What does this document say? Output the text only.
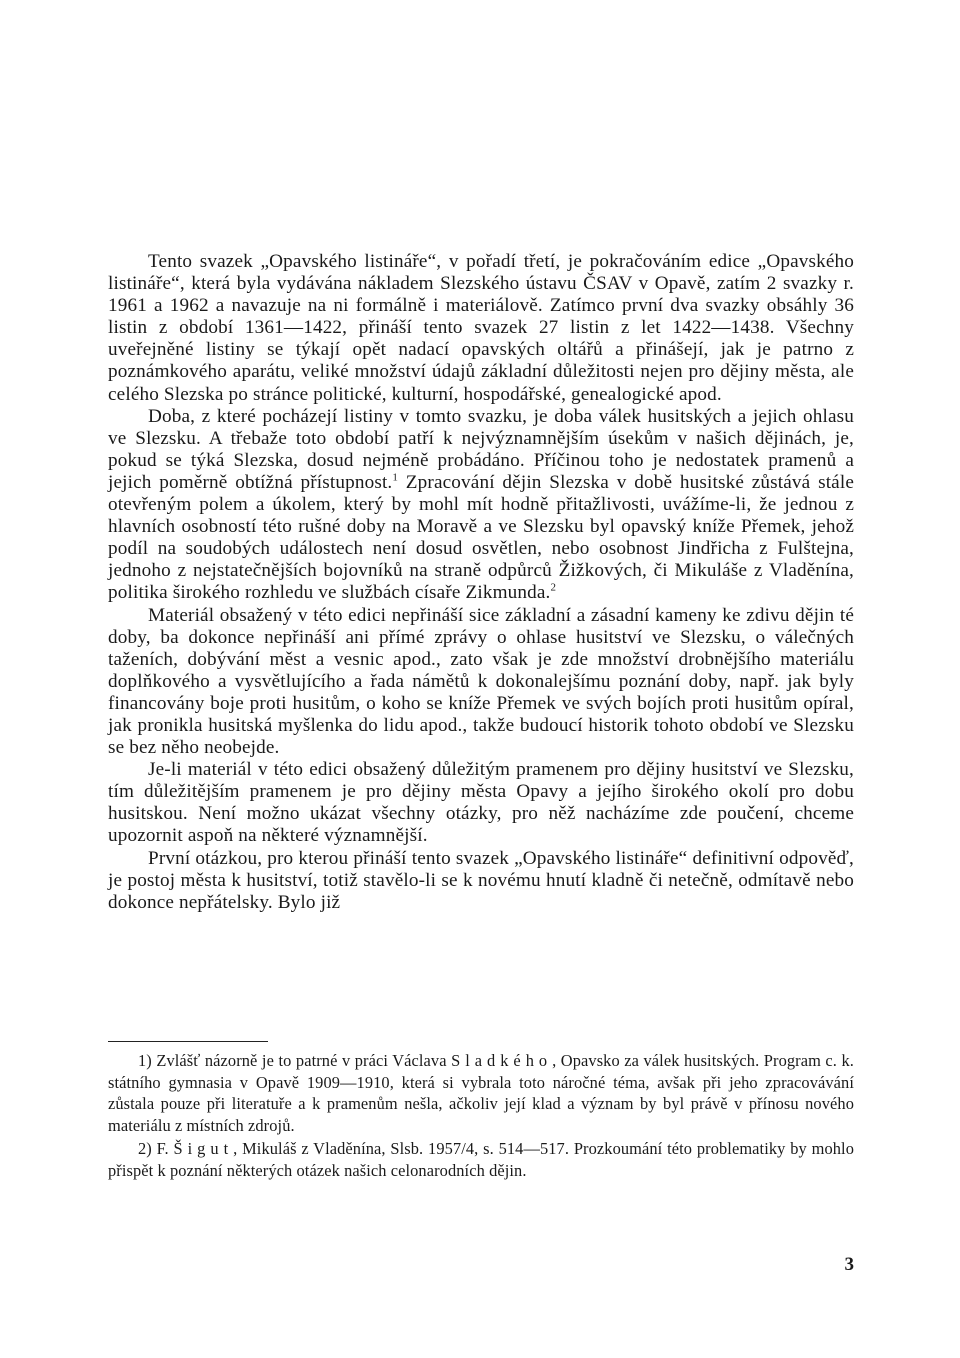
Tento svazek „Opavského listináře“, v pořadí třetí, je pokračováním edice „Opavského listináře“, která byla vydávána nákladem Slezského ústavu ČSAV v Opavě, zatím 2 svazky r. 1961 a 1962 a navazuje na ni formálně i materiálově. Zatímco první dva svazky obsáhly 36 listin z období 1361—1422, přináší tento svazek 27 listin z let 1422—1438. Všechny uveřejněné listiny se týkají opět nadací opavských oltářů a přinášejí, jak je patrno z poznámkového aparátu, veliké množství údajů základní důležitosti nejen pro dějiny města, ale celého Slezska po stránce politické, kulturní, hospodářské, genealogické apod.

Doba, z které pocházejí listiny v tomto svazku, je doba válek husitských a jejich ohlasu ve Slezsku. A třebaže toto období patří k nejvýznamnějším úsekům v našich dějinách, je, pokud se týká Slezska, dosud nejméně probádáno. Příčinou toho je nedostatek pramenů a jejich poměrně obtížná přístupnost.$^1$ Zpracování dějin Slezska v době husitské zůstává stále otevřeným polem a úkolem, který by mohl mít hodně přitažlivosti, uvážíme-li, že jednou z hlavních osobností této rušné doby na Moravě a ve Slezsku byl opavský kníže Přemek, jehož podíl na soudobých událostech není dosud osvětlen, nebo osobnost Jindřicha z Fulštejna, jednoho z nejstatečnějších bojovníků na straně odpůrců Žižkových, či Mikuláše z Vladěnína, politika širokého rozhledu ve službách císaře Zikmunda.$^2$

Materiál obsažený v této edici nepřináší sice základní a zásadní kameny ke zdivu dějin té doby, ba dokonce nepřináší ani přímé zprávy o ohlase husitství ve Slezsku, o válečných taženích, dobývání měst a vesnic apod., zato však je zde množství drobnějšího materiálu doplňkového a vysvětlujícího a řada námětů k dokonalejšímu poznání doby, např. jak byly financovány boje proti husitům, o koho se kníže Přemek ve svých bojích proti husitům opíral, jak pronikla husitská myšlenka do lidu apod., takže budoucí historik tohoto období ve Slezsku se bez něho neobejde.

Je-li materiál v této edici obsažený důležitým pramenem pro dějiny husitství ve Slezsku, tím důležitějším pramenem je pro dějiny města Opavy a jejího širokého okolí pro dobu husitskou. Není možno ukázat všechny otázky, pro něž nacházíme zde poučení, chceme upozornit aspoň na některé významnější.

První otázkou, pro kterou přináší tento svazek „Opavského listináře“ definitivní odpověď, je postoj města k husitství, totiž stavělo-li se k novému hnutí kladně či netečně, odmítavě nebo dokonce nepřátelsky. Bylo již

1) Zvlášť názorně je to patrné v práci Václava Sladkého, Opavsko za válek husitských. Program c. k. státního gymnasia v Opavě 1909—1910, která si vybrala toto náročné téma, avšak při jeho zpracovávání zůstala pouze při literatuře a k pramenům nešla, ačkoliv její klad a význam by byl právě v přínosu nového materiálu z místních zdrojů.

2) F. Šigut, Mikuláš z Vladěnína, Slsb. 1957/4, s. 514—517. Prozkoumání této problematiky by mohlo přispět k poznání některých otázek našich celonarodních dějin.

3
